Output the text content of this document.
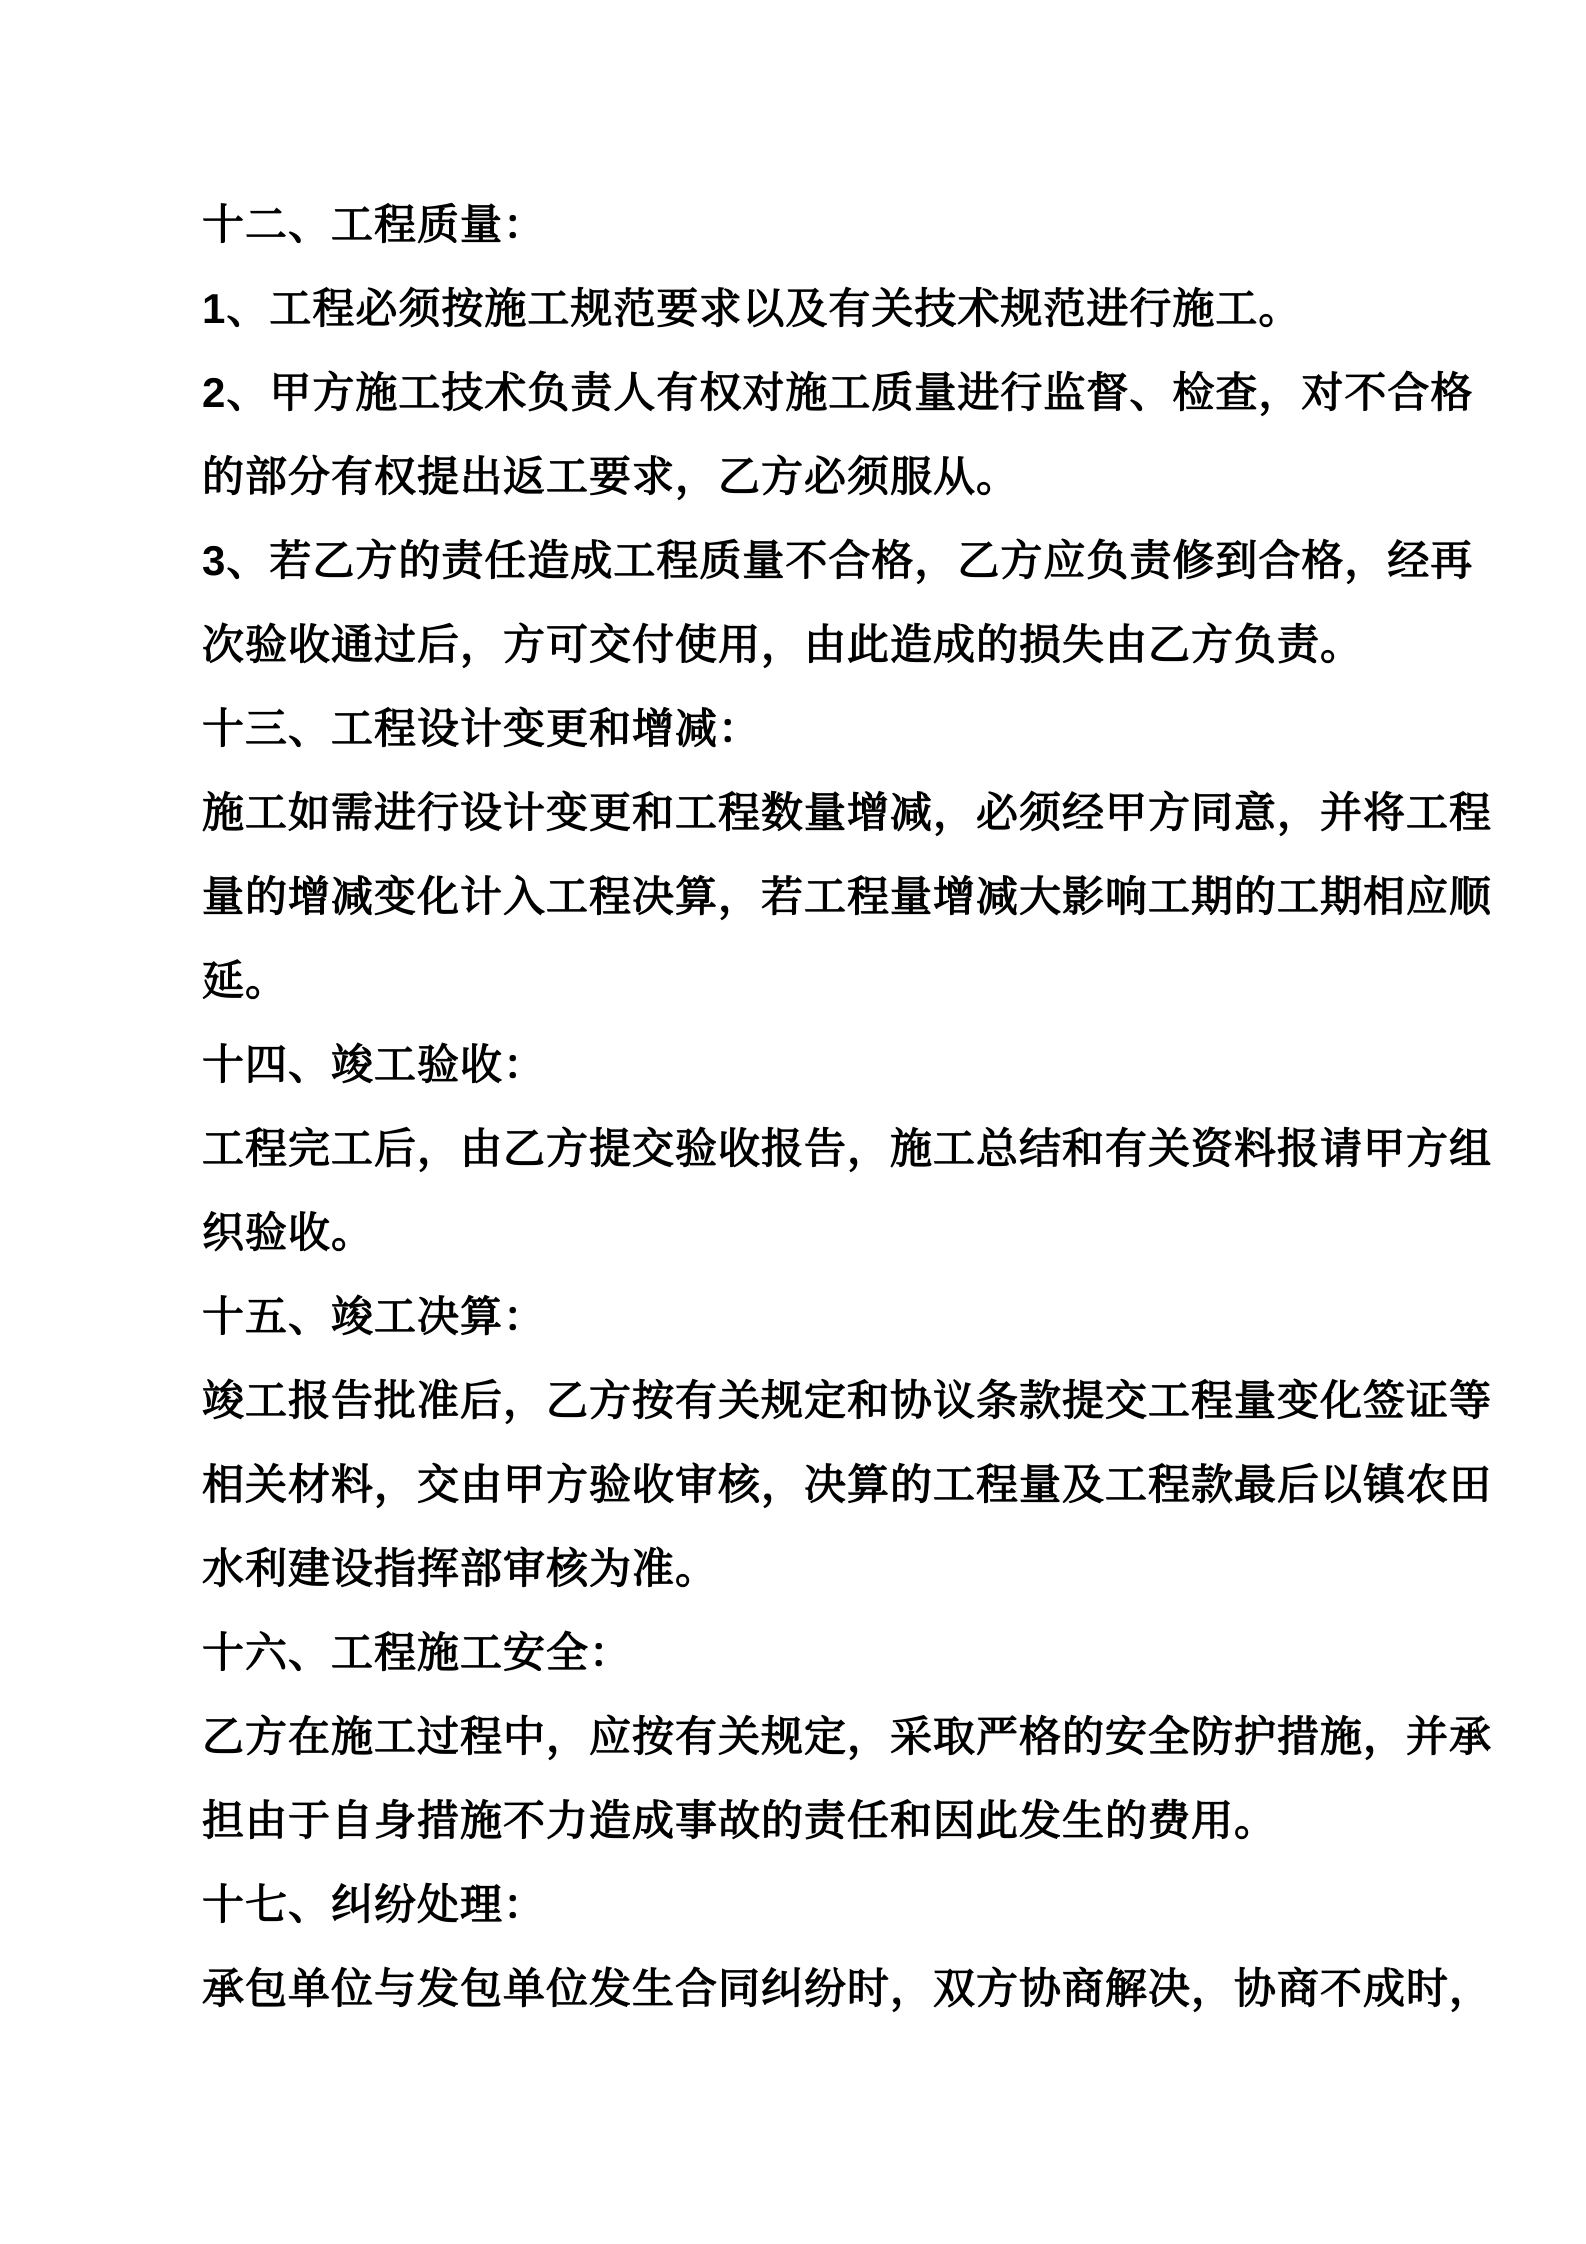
十二、工程质量：
1、工程必须按施工规范要求以及有关技术规范进行施工。
2、甲方施工技术负责人有权对施工质量进行监督、检查，对不合格
的部分有权提出返工要求，乙方必须服从。
3、若乙方的责任造成工程质量不合格，乙方应负责修到合格，经再
次验收通过后，方可交付使用，由此造成的损失由乙方负责。
十三、工程设计变更和增减：
施工如需进行设计变更和工程数量增减，必须经甲方同意，并将工程
量的增减变化计入工程决算，若工程量增减大影响工期的工期相应顺
延。
十四、竣工验收：
工程完工后，由乙方提交验收报告，施工总结和有关资料报请甲方组
织验收。
十五、竣工决算：
竣工报告批准后，乙方按有关规定和协议条款提交工程量变化签证等
相关材料，交由甲方验收审核，决算的工程量及工程款最后以镇农田
水利建设指挥部审核为准。
十六、工程施工安全：
乙方在施工过程中，应按有关规定，采取严格的安全防护措施，并承
担由于自身措施不力造成事故的责任和因此发生的费用。
十七、纠纷处理：
承包单位与发包单位发生合同纠纷时，双方协商解决，协商不成时，
